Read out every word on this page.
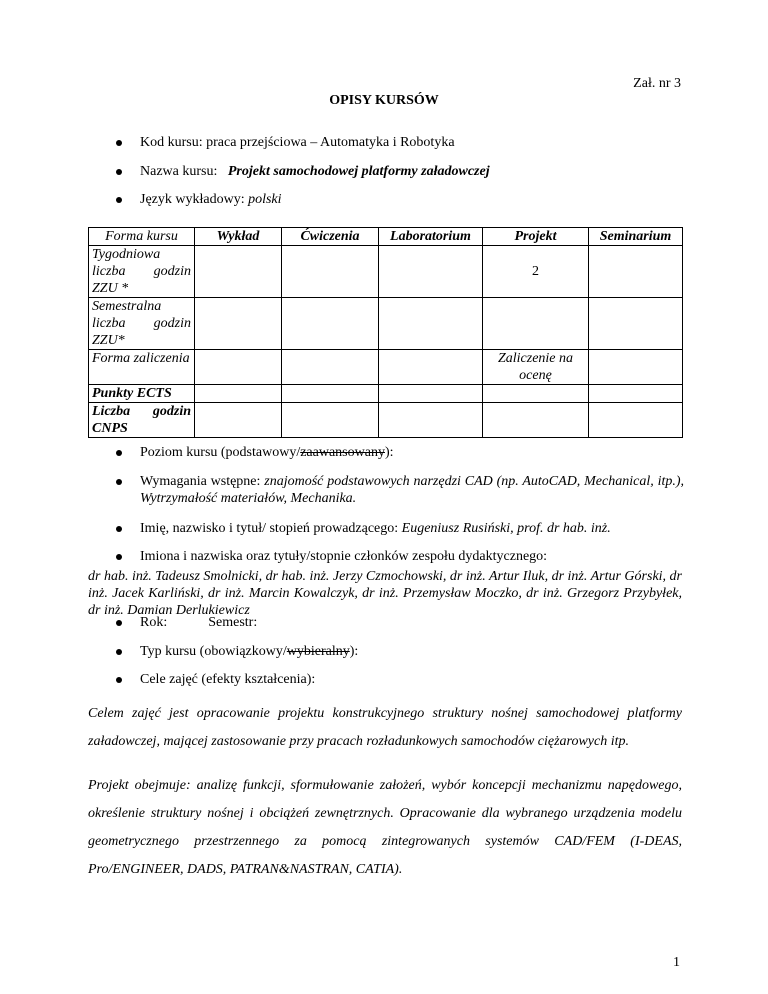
Zał. nr 3
OPISY KURSÓW
Kod kursu: praca przejściowa – Automatyka i Robotyka
Nazwa kursu: Projekt samochodowej platformy załadowczej
Język wykładowy: polski
Forma kursu	Wykład	Ćwiczenia	Laboratorium	Projekt	Seminarium
Tygodniowa liczba godzin ZZU *				2	
Semestralna liczba godzin ZZU*					
Forma zaliczenia				Zaliczenie na ocenę	
Punkty ECTS					
Liczba godzin CNPS					
Poziom kursu (podstawowy/zaawansowany):
Wymagania wstępne: znajomość podstawowych narzędzi CAD (np. AutoCAD, Mechanical, itp.), Wytrzymałość materiałów, Mechanika.
Imię, nazwisko i tytuł/ stopień prowadzącego: Eugeniusz Rusiński, prof. dr hab. inż.
Imiona i nazwiska oraz tytuły/stopnie członków zespołu dydaktycznego:
dr hab. inż. Tadeusz Smolnicki, dr hab. inż. Jerzy Czmochowski, dr inż. Artur Iluk, dr inż. Artur Górski, dr inż. Jacek Karliński, dr inż. Marcin Kowalczyk, dr inż. Przemysław Moczko, dr inż. Grzegorz Przybyłek, dr inż. Damian Derlukiewicz
Rok:	Semestr:
Typ kursu (obowiązkowy/wybieralny):
Cele zajęć (efekty kształcenia):
Celem zajęć jest opracowanie projektu konstrukcyjnego struktury nośnej samochodowej platformy załadowczej, mającej zastosowanie przy pracach rozładunkowych samochodów ciężarowych itp.
Projekt obejmuje: analizę funkcji, sformułowanie założeń, wybór koncepcji mechanizmu napędowego, określenie struktury nośnej i obciążeń zewnętrznych. Opracowanie dla wybranego urządzenia modelu geometrycznego przestrzennego za pomocą zintegrowanych systemów CAD/FEM (I-DEAS, Pro/ENGINEER, DADS, PATRAN&NASTRAN, CATIA).
1
